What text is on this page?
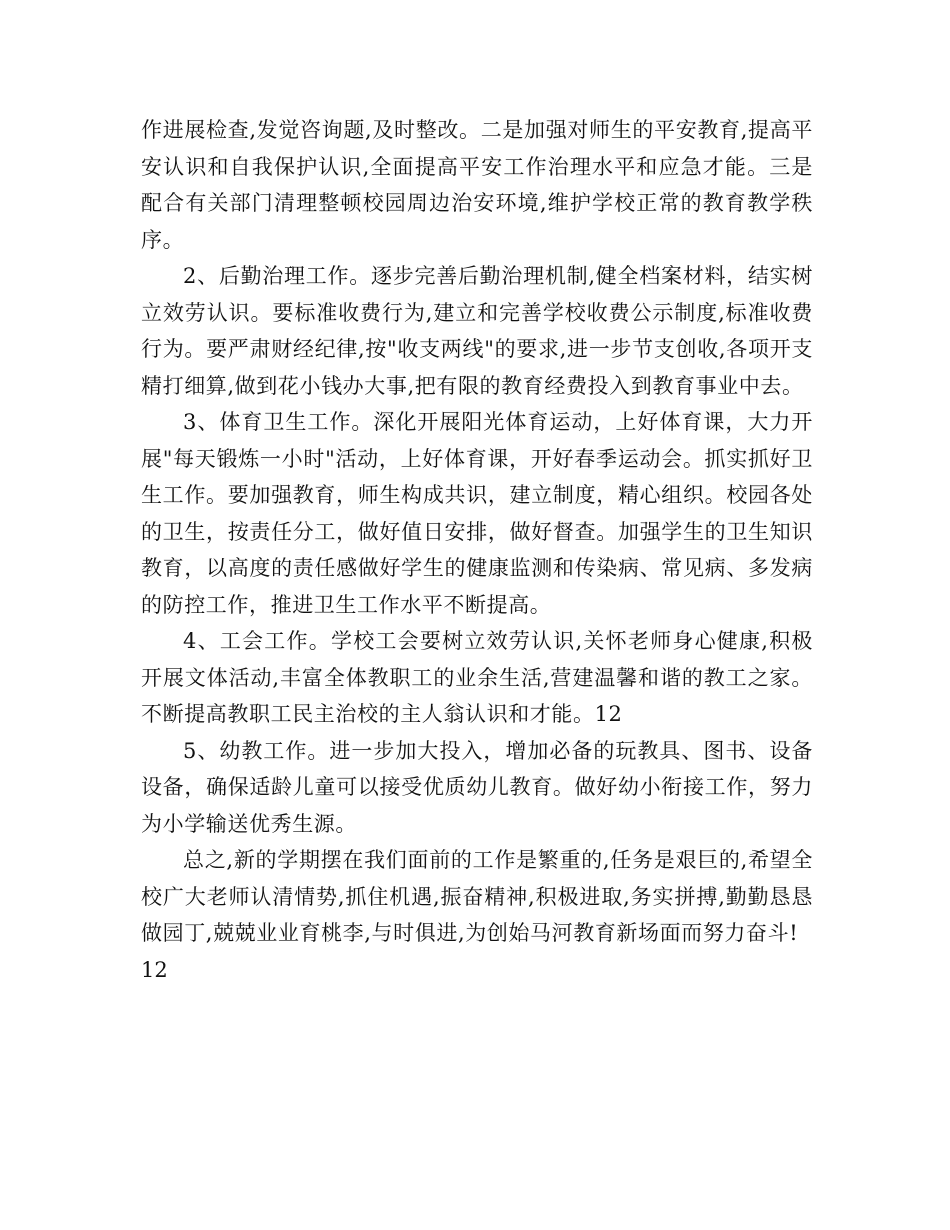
作进展检查,发觉咨询题,及时整改。二是加强对师生的平安教育,提高平安认识和自我保护认识,全面提高平安工作治理水平和应急才能。三是配合有关部门清理整顿校园周边治安环境,维护学校正常的教育教学秩序。

2、后勤治理工作。逐步完善后勤治理机制,健全档案材料，结实树立效劳认识。要标准收费行为,建立和完善学校收费公示制度,标准收费行为。要严肃财经纪律,按"收支两线"的要求,进一步节支创收,各项开支精打细算,做到花小钱办大事,把有限的教育经费投入到教育事业中去。

3、体育卫生工作。深化开展阳光体育运动，上好体育课，大力开展"每天锻炼一小时"活动，上好体育课，开好春季运动会。抓实抓好卫生工作。要加强教育，师生构成共识，建立制度，精心组织。校园各处的卫生，按责任分工，做好值日安排，做好督查。加强学生的卫生知识教育，以高度的责任感做好学生的健康监测和传染病、常见病、多发病的防控工作，推进卫生工作水平不断提高。

4、工会工作。学校工会要树立效劳认识,关怀老师身心健康,积极开展文体活动,丰富全体教职工的业余生活,营建温馨和谐的教工之家。不断提高教职工民主治校的主人翁认识和才能。12

5、幼教工作。进一步加大投入，增加必备的玩教具、图书、设备设备，确保适龄儿童可以接受优质幼儿教育。做好幼小衔接工作，努力为小学输送优秀生源。

总之,新的学期摆在我们面前的工作是繁重的,任务是艰巨的,希望全校广大老师认清情势,抓住机遇,振奋精神,积极进取,务实拼搏,勤勤恳恳做园丁,兢兢业业育桃李,与时俱进,为创始马河教育新场面而努力奋斗!

12
